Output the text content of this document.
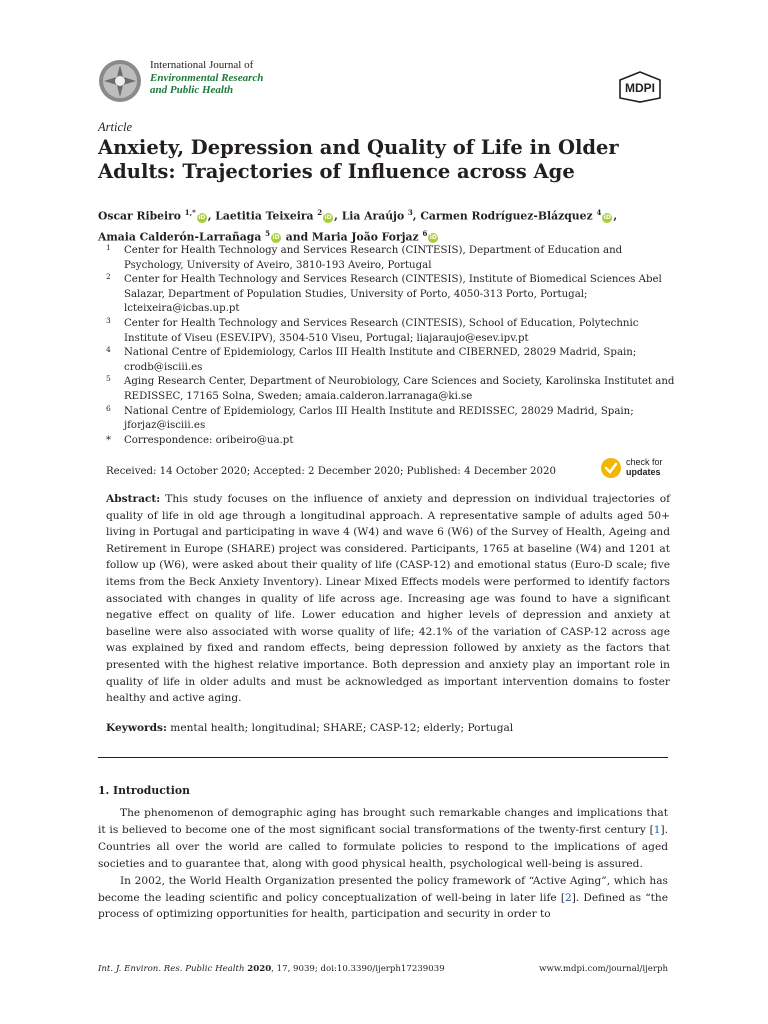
International Journal of
Environmental Research
and Public Health	MDPI
Article
Anxiety, Depression and Quality of Life in Older Adults: Trajectories of Influence across Age
Oscar Ribeiro $^{1,*}$iD , Laetitia Teixeira $^2$iD , Lia Araújo $^3$, Carmen Rodríguez-Blázquez $^4$iD ,
Amaia Calderón-Larrañaga $^5$iD and Maria João Forjaz $^6$iD
1 Center for Health Technology and Services Research (CINTESIS), Department of Education and Psychology, University of Aveiro, 3810-193 Aveiro, Portugal
2 Center for Health Technology and Services Research (CINTESIS), Institute of Biomedical Sciences Abel Salazar, Department of Population Studies, University of Porto, 4050-313 Porto, Portugal; lcteixeira@icbas.up.pt
3 Center for Health Technology and Services Research (CINTESIS), School of Education, Polytechnic Institute of Viseu (ESEV.IPV), 3504-510 Viseu, Portugal; liajaraujo@esev.ipv.pt
4 National Centre of Epidemiology, Carlos III Health Institute and CIBERNED, 28029 Madrid, Spain; crodb@isciii.es
5 Aging Research Center, Department of Neurobiology, Care Sciences and Society, Karolinska Institutet and REDISSEC, 17165 Solna, Sweden; amaia.calderon.larranaga@ki.se
6 National Centre of Epidemiology, Carlos III Health Institute and REDISSEC, 28029 Madrid, Spain; jforjaz@isciii.es
* Correspondence: oribeiro@ua.pt
Received: 14 October 2020; Accepted: 2 December 2020; Published: 4 December 2020
check for
updates
Abstract: This study focuses on the influence of anxiety and depression on individual trajectories of quality of life in old age through a longitudinal approach. A representative sample of adults aged 50+ living in Portugal and participating in wave 4 (W4) and wave 6 (W6) of the Survey of Health, Ageing and Retirement in Europe (SHARE) project was considered. Participants, 1765 at baseline (W4) and 1201 at follow up (W6), were asked about their quality of life (CASP-12) and emotional status (Euro-D scale; five items from the Beck Anxiety Inventory). Linear Mixed Effects models were performed to identify factors associated with changes in quality of life across age. Increasing age was found to have a significant negative effect on quality of life. Lower education and higher levels of depression and anxiety at baseline were also associated with worse quality of life; 42.1% of the variation of CASP-12 across age was explained by fixed and random effects, being depression followed by anxiety as the factors that presented with the highest relative importance. Both depression and anxiety play an important role in quality of life in older adults and must be acknowledged as important intervention domains to foster healthy and active aging.
Keywords: mental health; longitudinal; SHARE; CASP-12; elderly; Portugal
1. Introduction

The phenomenon of demographic aging has brought such remarkable changes and implications that it is believed to become one of the most significant social transformations of the twenty-first century [1]. Countries all over the world are called to formulate policies to respond to the implications of aged societies and to guarantee that, along with good physical health, psychological well-being is assured.

In 2002, the World Health Organization presented the policy framework of “Active Aging”, which has become the leading scientific and policy conceptualization of well-being in later life [2]. Defined as “the process of optimizing opportunities for health, participation and security in order to

Int. J. Environ. Res. Public Health 2020, 17, 9039; doi:10.3390/ijerph17239039	www.mdpi.com/journal/ijerph
